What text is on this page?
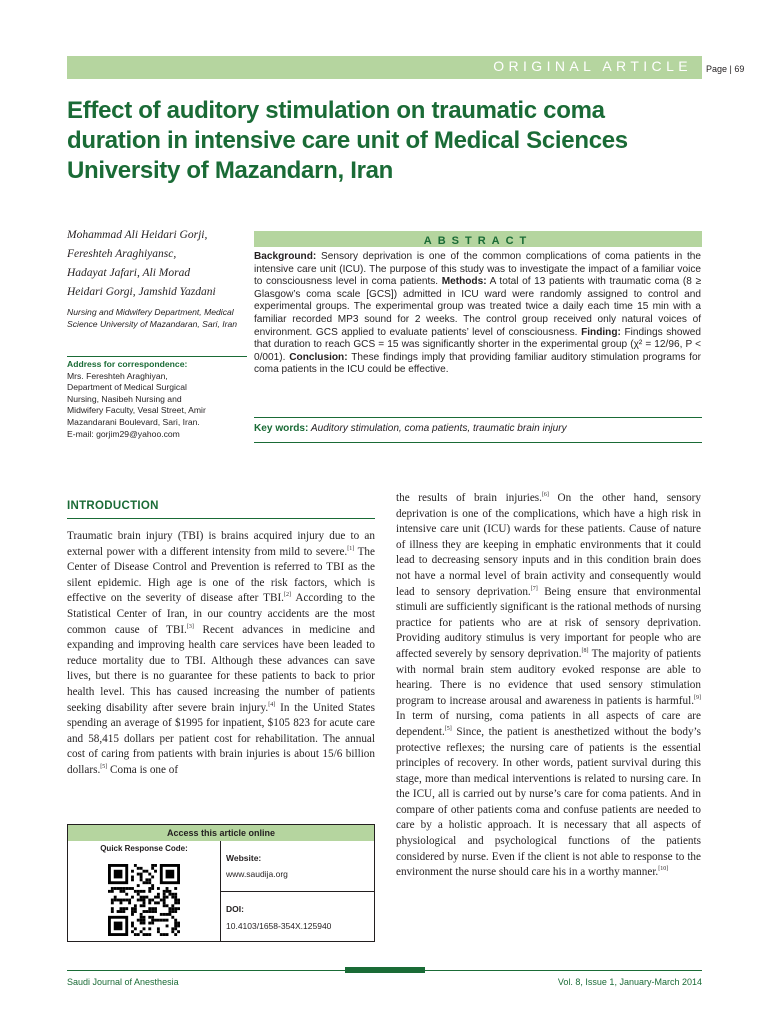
ORIGINAL ARTICLE Page | 69
Effect of auditory stimulation on traumatic coma duration in intensive care unit of Medical Sciences University of Mazandarn, Iran
Mohammad Ali Heidari Gorji,
Fereshteh Araghiyansc,
Hadayat Jafari, Ali Morad
Heidari Gorgi, Jamshid Yazdani
Nursing and Midwifery Department, Medical Science University of Mazandaran, Sari, Iran
Address for correspondence:
Mrs. Fereshteh Araghiyan,
Department of Medical Surgical
Nursing, Nasibeh Nursing and
Midwifery Faculty, Vesal Street, Amir
Mazandarani Boulevard, Sari, Iran.
E-mail: gorjim29@yahoo.com
ABSTRACT
Background: Sensory deprivation is one of the common complications of coma patients in the intensive care unit (ICU). The purpose of this study was to investigate the impact of a familiar voice to consciousness level in coma patients. Methods: A total of 13 patients with traumatic coma (8 ≥ Glasgow’s coma scale [GCS]) admitted in ICU ward were randomly assigned to control and experimental groups. The experimental group was treated twice a daily each time 15 min with a familiar recorded MP3 sound for 2 weeks. The control group received only natural voices of environment. GCS applied to evaluate patients’ level of consciousness. Finding: Findings showed that duration to reach GCS = 15 was significantly shorter in the experimental group (χ² = 12/96, P < 0/001). Conclusion: These findings imply that providing familiar auditory stimulation programs for coma patients in the ICU could be effective.
Key words: Auditory stimulation, coma patients, traumatic brain injury
INTRODUCTION
Traumatic brain injury (TBI) is brains acquired injury due to an external power with a different intensity from mild to severe.[1] The Center of Disease Control and Prevention is referred to TBI as the silent epidemic. High age is one of the risk factors, which is effective on the severity of disease after TBI.[2] According to the Statistical Center of Iran, in our country accidents are the most common cause of TBI.[3] Recent advances in medicine and expanding and improving health care services have been leaded to reduce mortality due to TBI. Although these advances can save lives, but there is no guarantee for these patients to back to prior health level. This has caused increasing the number of patients seeking disability after severe brain injury.[4] In the United States spending an average of $1995 for inpatient, $105 823 for acute care and 58,415 dollars per patient cost for rehabilitation. The annual cost of caring from patients with brain injuries is about 15/6 billion dollars.[5] Coma is one of
the results of brain injuries.[6] On the other hand, sensory deprivation is one of the complications, which have a high risk in intensive care unit (ICU) wards for these patients. Cause of nature of illness they are keeping in emphatic environments that it could lead to decreasing sensory inputs and in this condition brain does not have a normal level of brain activity and consequently would lead to sensory deprivation.[7] Being ensure that environmental stimuli are sufficiently significant is the rational methods of nursing practice for patients who are at risk of sensory deprivation. Providing auditory stimulus is very important for people who are affected severely by sensory deprivation.[8] The majority of patients with normal brain stem auditory evoked response are able to hearing. There is no evidence that used sensory stimulation program to increase arousal and awareness in patients is harmful.[9] In term of nursing, coma patients in all aspects of care are dependent.[5] Since, the patient is anesthetized without the body’s protective reflexes; the nursing care of patients is the essential principles of recovery. In other words, patient survival during this stage, more than medical interventions is related to nursing care. In the ICU, all is carried out by nurse’s care for coma patients. And in compare of other patients coma and confuse patients are needed to care by a holistic approach. It is necessary that all aspects of physiological and psychological functions of the patients considered by nurse. Even if the client is not able to response to the environment the nurse should care his in a worthy manner.[10]
Access this article online
Quick Response Code:
Website:
www.saudija.org
DOI:
10.4103/1658-354X.125940
Saudi Journal of Anesthesia	Vol. 8, Issue 1, January-March 2014
